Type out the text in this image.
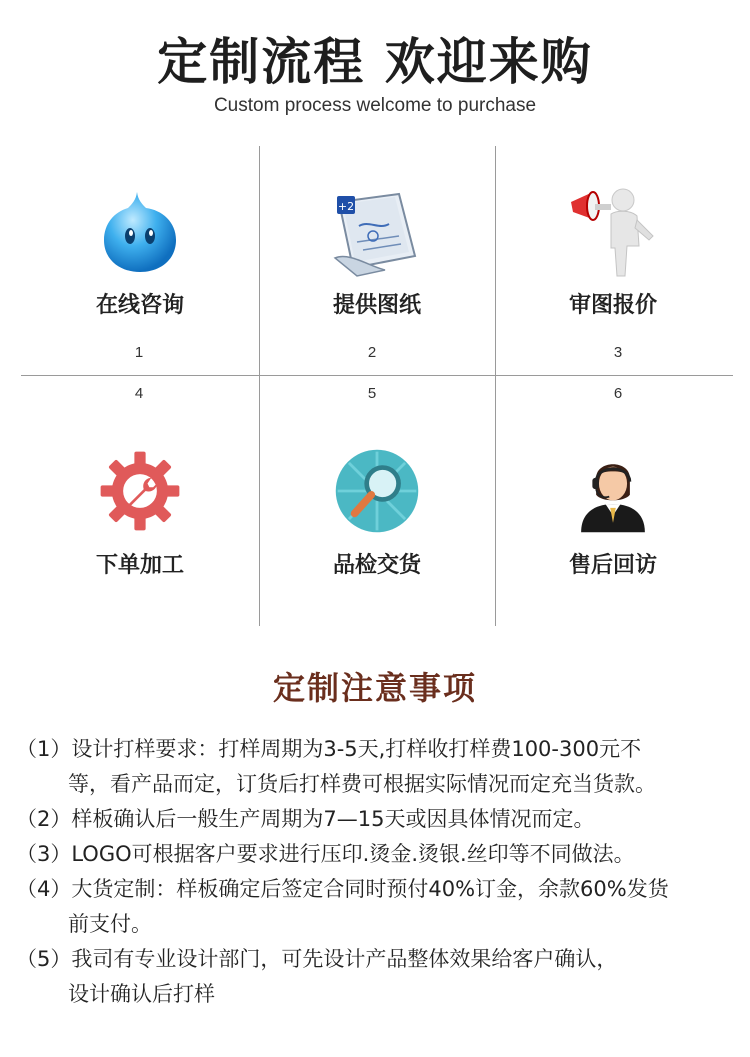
定制流程 欢迎来购
Custom process welcome to purchase
在线咨询
+2
提供图纸	审图报价
1	2	3
4	5	6
下单加工	品检交货	售后回访
定制注意事项
（1）设计打样要求：打样周期为3-5天,打样收打样费100-300元不
等，看产品而定，订货后打样费可根据实际情况而定充当货款。
（2）样板确认后一般生产周期为7—15天或因具体情况而定。
（3）LOGO可根据客户要求进行压印.烫金.烫银.丝印等不同做法。
（4）大货定制：样板确定后签定合同时预付40%订金，余款60%发货
前支付。
（5）我司有专业设计部门，可先设计产品整体效果给客户确认，
设计确认后打样
